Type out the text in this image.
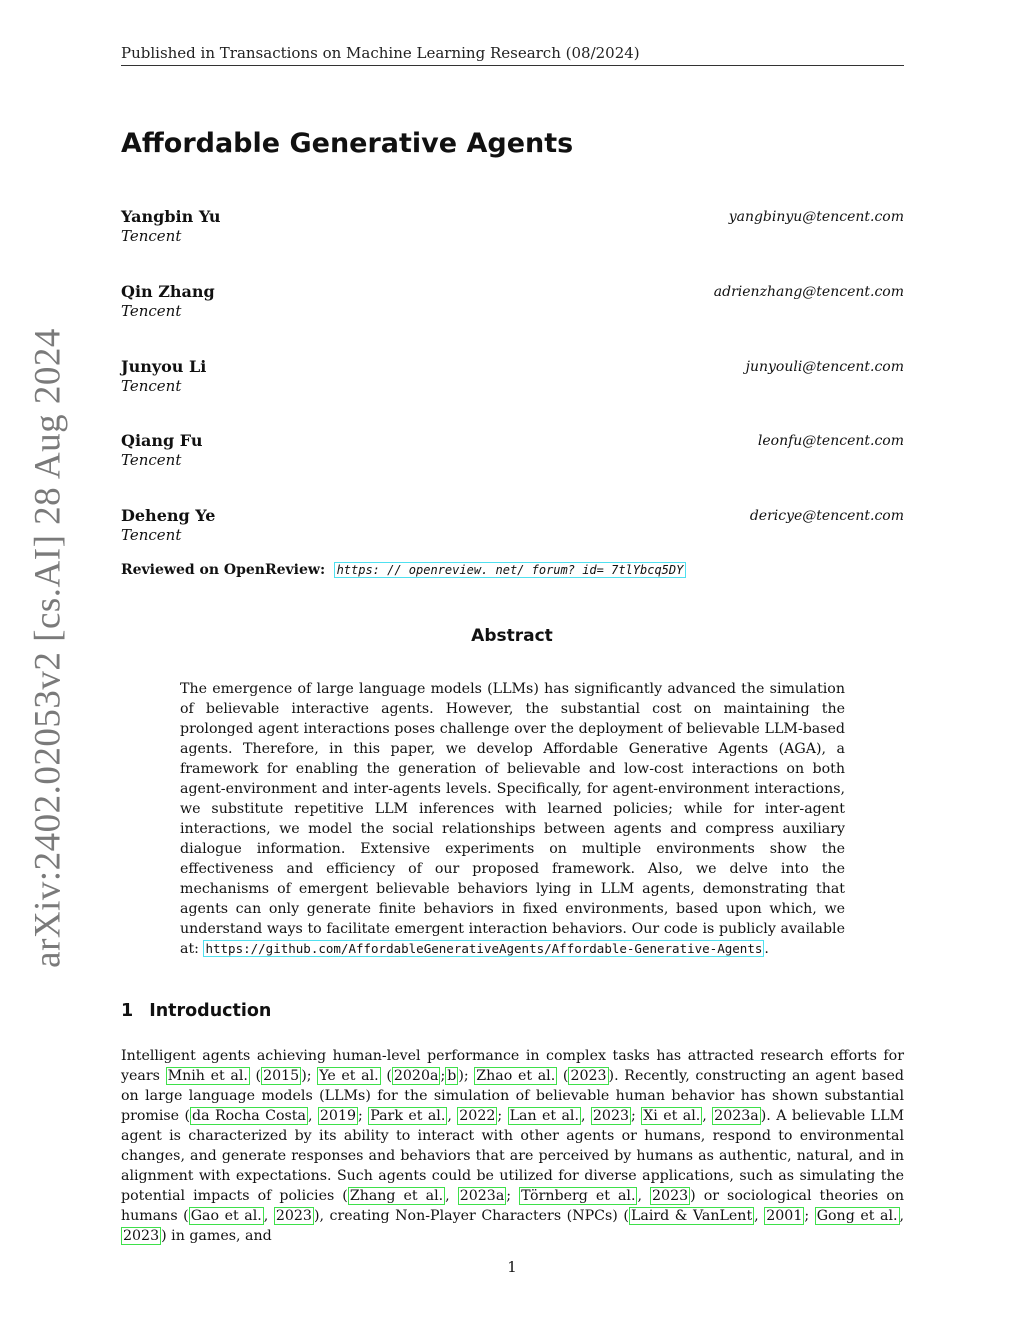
Published in Transactions on Machine Learning Research (08/2024)
arXiv:2402.02053v2 [cs.AI] 28 Aug 2024
Affordable Generative Agents
Yangbin Yu	yangbinyu@tencent.com
Tencent
Qin Zhang	adrienzhang@tencent.com
Tencent
Junyou Li	junyouli@tencent.com
Tencent
Qiang Fu	leonfu@tencent.com
Tencent
Deheng Ye	dericye@tencent.com
Tencent
Reviewed on OpenReview: https: // openreview. net/ forum? id= 7tlYbcq5DY
Abstract

The emergence of large language models (LLMs) has significantly advanced the simulation of believable interactive agents. However, the substantial cost on maintaining the prolonged agent interactions poses challenge over the deployment of believable LLM-based agents. Therefore, in this paper, we develop Affordable Generative Agents (AGA), a framework for enabling the generation of believable and low-cost interactions on both agent-environment and inter-agents levels. Specifically, for agent-environment interactions, we substitute repetitive LLM inferences with learned policies; while for inter-agent interactions, we model the social relationships between agents and compress auxiliary dialogue information. Extensive experiments on multiple environments show the effectiveness and efficiency of our proposed framework. Also, we delve into the mechanisms of emergent believable behaviors lying in LLM agents, demonstrating that agents can only generate finite behaviors in fixed environments, based upon which, we understand ways to facilitate emergent interaction behaviors. Our code is publicly available at: https://github.com/AffordableGenerativeAgents/Affordable-Generative-Agents .

1 Introduction

Intelligent agents achieving human-level performance in complex tasks has attracted research efforts for years Mnih et al. ( 2015 ); Ye et al. ( 2020a ; b ); Zhao et al. ( 2023 ). Recently, constructing an agent based on large language models (LLMs) for the simulation of believable human behavior has shown substantial promise ( da Rocha Costa , 2019 ; Park et al. , 2022 ; Lan et al. , 2023 ; Xi et al. , 2023a ). A believable LLM agent is characterized by its ability to interact with other agents or humans, respond to environmental changes, and generate responses and behaviors that are perceived by humans as authentic, natural, and in alignment with expectations. Such agents could be utilized for diverse applications, such as simulating the potential impacts of policies ( Zhang et al. , 2023a ; Törnberg et al. , 2023 ) or sociological theories on humans ( Gao et al. , 2023 ), creating Non-Player Characters (NPCs) ( Laird & VanLent , 2001 ; Gong et al. , 2023 ) in games, and

1
